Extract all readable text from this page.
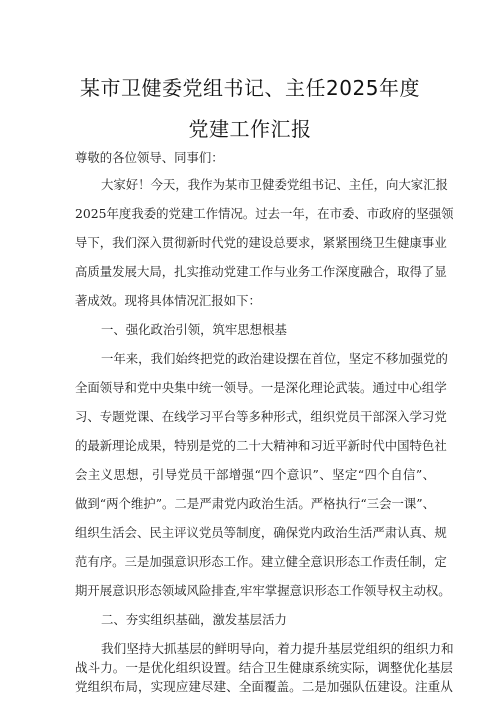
某市卫健委党组书记、主任2025年度
党建工作汇报
尊敬的各位领导、同事们：
大家好！今天，我作为某市卫健委党组书记、主任，向大家汇报
2025年度我委的党建工作情况。过去一年，在市委、市政府的坚强领
导下，我们深入贯彻新时代党的建设总要求，紧紧围绕卫生健康事业
高质量发展大局，扎实推动党建工作与业务工作深度融合，取得了显
著成效。现将具体情况汇报如下：
一、强化政治引领，筑牢思想根基
一年来，我们始终把党的政治建设摆在首位，坚定不移加强党的
全面领导和党中央集中统一领导。一是深化理论武装。通过中心组学
习、专题党课、在线学习平台等多种形式，组织党员干部深入学习党
的最新理论成果，特别是党的二十大精神和习近平新时代中国特色社
会主义思想，引导党员干部增强“四个意识”、坚定“四个自信”、
做到“两个维护”。二是严肃党内政治生活。严格执行“三会一课”、
组织生活会、民主评议党员等制度，确保党内政治生活严肃认真、规
范有序。三是加强意识形态工作。建立健全意识形态工作责任制，定
期开展意识形态领域风险排查,牢牢掌握意识形态工作领导权主动权。
二、夯实组织基础，激发基层活力
我们坚持大抓基层的鲜明导向，着力提升基层党组织的组织力和
战斗力。一是优化组织设置。结合卫生健康系统实际，调整优化基层
党组织布局，实现应建尽建、全面覆盖。二是加强队伍建设。注重从
